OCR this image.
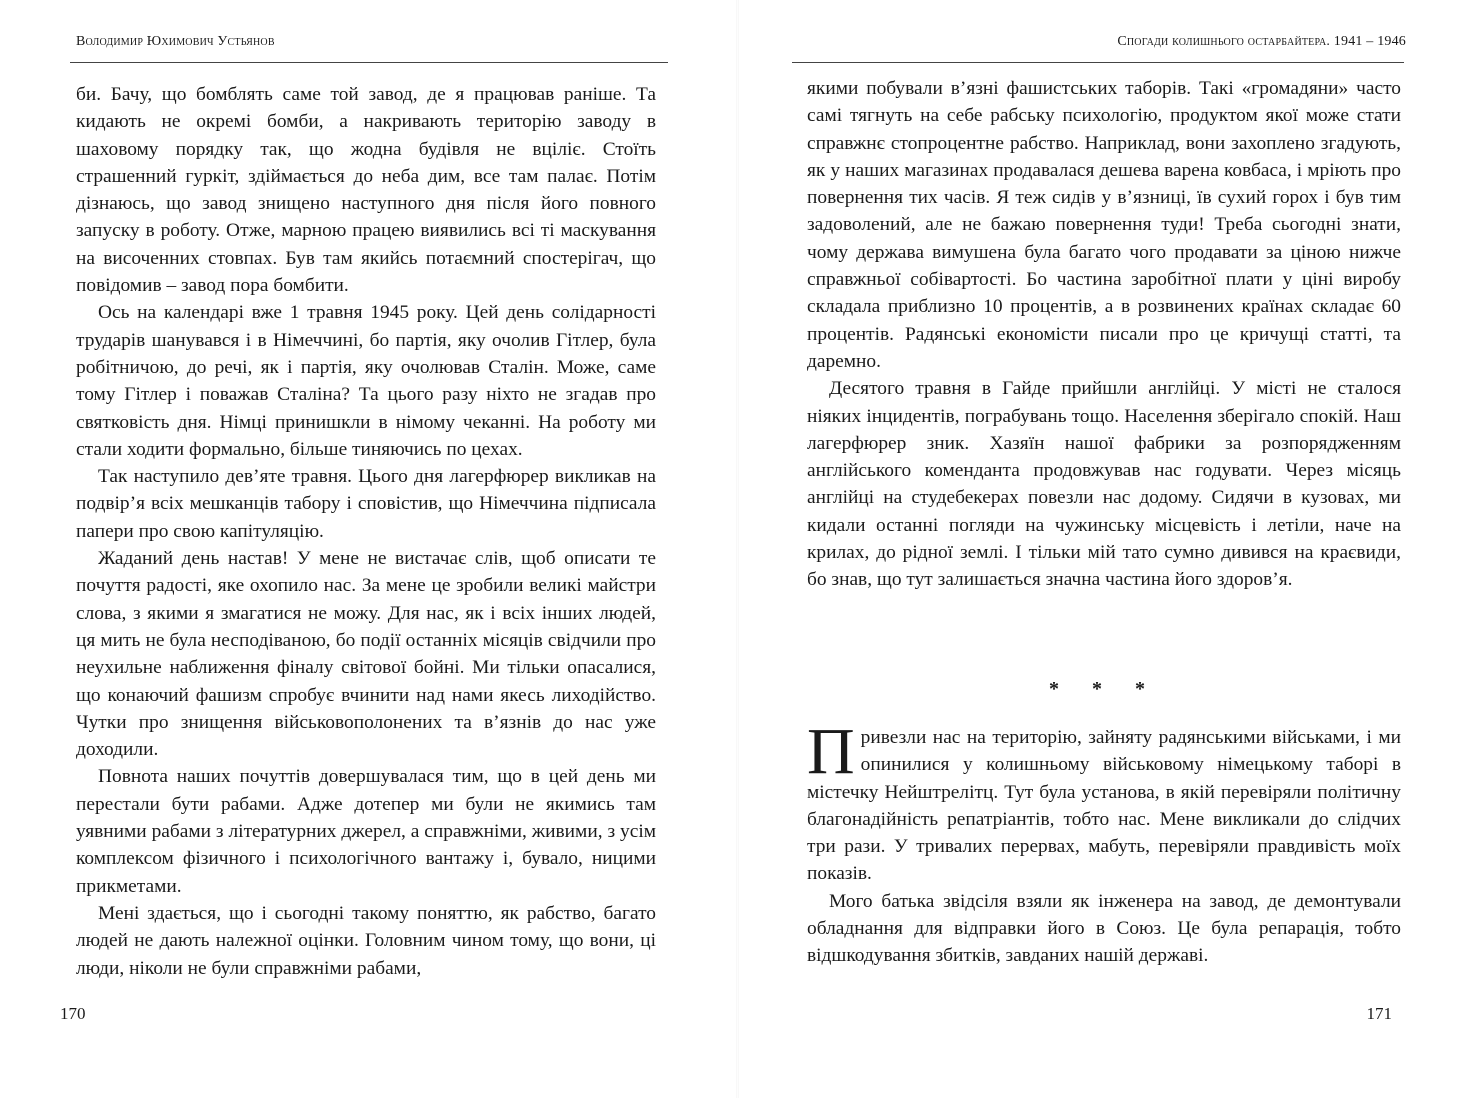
Володимир Юхимович Устьянов

би. Бачу, що бомблять саме той завод, де я працював раніше. Та кидають не окремі бомби, а накривають територію заводу в шаховому порядку так, що жодна будівля не вціліє. Стоїть страшенний гуркіт, здіймається до неба дим, все там палає. Потім дізнаюсь, що завод знищено наступного дня після його повного запуску в роботу. Отже, марною працею виявились всі ті маскування на височенних стовпах. Був там якийсь потаємний спостерігач, що повідомив – завод пора бомбити.

Ось на календарі вже 1 травня 1945 року. Цей день солідарності трударів шанувався і в Німеччині, бо партія, яку очолив Гітлер, була робітничою, до речі, як і партія, яку очолював Сталін. Може, саме тому Гітлер і поважав Сталіна? Та цього разу ніхто не згадав про святковість дня. Німці принишкли в німому чеканні. На роботу ми стали ходити формально, більше тиняючись по цехах.

Так наступило дев’яте травня. Цього дня лагерфюрер викликав на подвір’я всіх мешканців табору і сповістив, що Німеччина підписала папери про свою капітуляцію.

Жаданий день настав! У мене не вистачає слів, щоб описати те почуття радості, яке охопило нас. За мене це зробили великі майстри слова, з якими я змагатися не можу. Для нас, як і всіх інших людей, ця мить не була несподіваною, бо події останніх місяців свідчили про неухильне наближення фіналу світової бойні. Ми тільки опасалися, що конаючий фашизм спробує вчинити над нами якесь лиходійство. Чутки про знищення військовополонених та в’язнів до нас уже доходили.

Повнота наших почуттів довершувалася тим, що в цей день ми перестали бути рабами. Адже дотепер ми були не якимись там уявними рабами з літературних джерел, а справжніми, живими, з усім комплексом фізичного і психологічного вантажу і, бувало, ницими прикметами.

Мені здається, що і сьогодні такому поняттю, як рабство, багато людей не дають належної оцінки. Головним чином тому, що вони, ці люди, ніколи не були справжніми рабами,

170
Спогади колишнього остарбайтера. 1941 – 1946

якими побували в’язні фашистських таборів. Такі «громадяни» часто самі тягнуть на себе рабську психологію, продуктом якої може стати справжнє стопроцентне рабство. Наприклад, вони захоплено згадують, як у наших магазинах продавалася дешева варена ковбаса, і мріють про повернення тих часів. Я теж сидів у в’язниці, їв сухий горох і був тим задоволений, але не бажаю повернення туди! Треба сьогодні знати, чому держава вимушена була багато чого продавати за ціною нижче справжньої собівартості. Бо частина заробітної плати у ціні виробу складала приблизно 10 процентів, а в розвинених країнах складає 60 процентів. Радянські економісти писали про це кричущі статті, та даремно.

Десятого травня в Гайде прийшли англійці. У місті не сталося ніяких інцидентів, пограбувань тощо. Населення зберігало спокій. Наш лагерфюрер зник. Хазяїн нашої фабрики за розпорядженням англійського коменданта продовжував нас годувати. Через місяць англійці на студебекерах повезли нас додому. Сидячи в кузовах, ми кидали останні погляди на чужинську місцевість і летіли, наче на крилах, до рідної землі. І тільки мій тато сумно дивився на краєвиди, бо знав, що тут залишається значна частина його здоров’я.

* * *

Привезли нас на територію, зайняту радянськими військами, і ми опинилися у колишньому військовому німецькому таборі в містечку Нейштрелітц. Тут була установа, в якій перевіряли політичну благонадійність репатріантів, тобто нас. Мене викликали до слідчих три рази. У тривалих перервах, мабуть, перевіряли правдивість моїх показів.

Мого батька звідсіля взяли як інженера на завод, де демонтували обладнання для відправки його в Союз. Це була репарація, тобто відшкодування збитків, завданих нашій державі.

171
